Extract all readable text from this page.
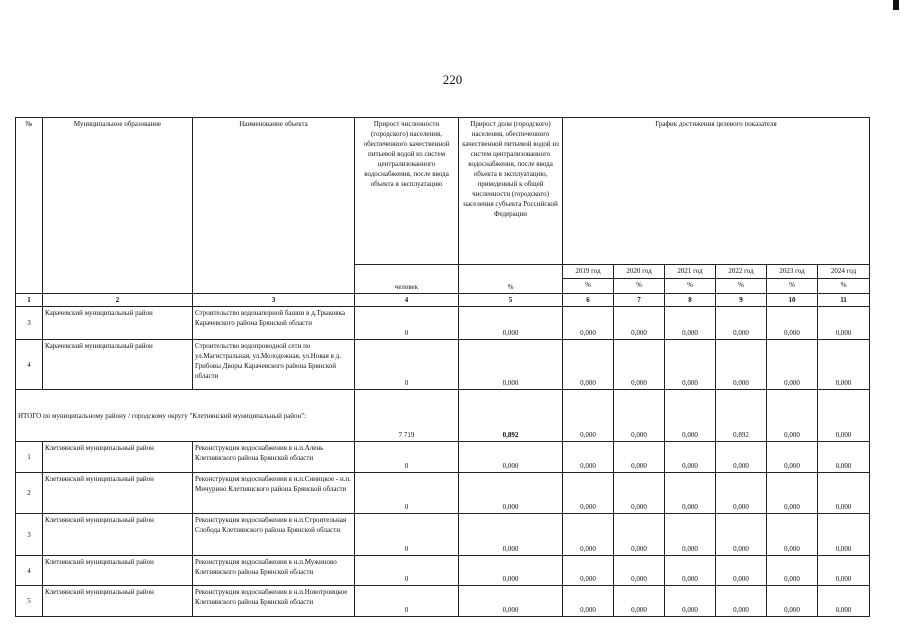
220
№	Муниципальное образование	Наименование объекта	Прирост численности (городского) населения, обеспеченного качественной питьевой водой из систем централизованного водоснабжения, после ввода объекта в эксплуатацию	Прирост доли (городского) населения, обеспеченного качественной питьевой водой из систем централизованного водоснабжения, после ввода объекта в эксплуатацию, приведенный к общей численности (городского) населения субъекта Российской Федерации	График достижения целевого показателя					
			человек	%	2019 год	2020 год	2021 год	2022 год	2023 год	2024 год
					%	%	%	%	%	%
1	2	3	4	5	6	7	8	9	10	11
3	Карачевский муниципальный район	Строительство водонапорной башни в д.Трыковка Карачевского района Брянской области	0	0,000	0,000	0,000	0,000	0,000	0,000	0,000
4	Карачевский муниципальный район	Строительство водопроводной сети по ул.Магистральная, ул.Молодежная, ул.Новая в д. Грибовы Дворы Карачевского района Брянской области	0	0,000	0,000	0,000	0,000	0,000	0,000	0,000
ИТОГО по муниципальному району / городскому округу "Клетнянский муниципальный район":			7 719	0,892	0,000	0,000	0,000	0,892	0,000	0,000
1	Клетнянский муниципальный район	Реконструкция водоснабжения в н.п.Алень Клетнянского района Брянской области	0	0,000	0,000	0,000	0,000	0,000	0,000	0,000
2	Клетнянский муниципальный район	Реконструкция водоснабжения в н.п.Синицкое - н.п. Мичурино Клетнянского района Брянской области	0	0,000	0,000	0,000	0,000	0,000	0,000	0,000
3	Клетнянский муниципальный район	Реконструкция водоснабжения в н.п.Строительная Слобода Клетнянского района Брянской области	0	0,000	0,000	0,000	0,000	0,000	0,000	0,000
4	Клетнянский муниципальный район	Реконструкция водоснабжения в н.п.Мужиново Клетнянского района Брянской области	0	0,000	0,000	0,000	0,000	0,000	0,000	0,000
5	Клетнянский муниципальный район	Реконструкция водоснабжения в н.п.Новотроицкое Клетнянского района Брянской области	0	0,000	0,000	0,000	0,000	0,000	0,000	0,000
